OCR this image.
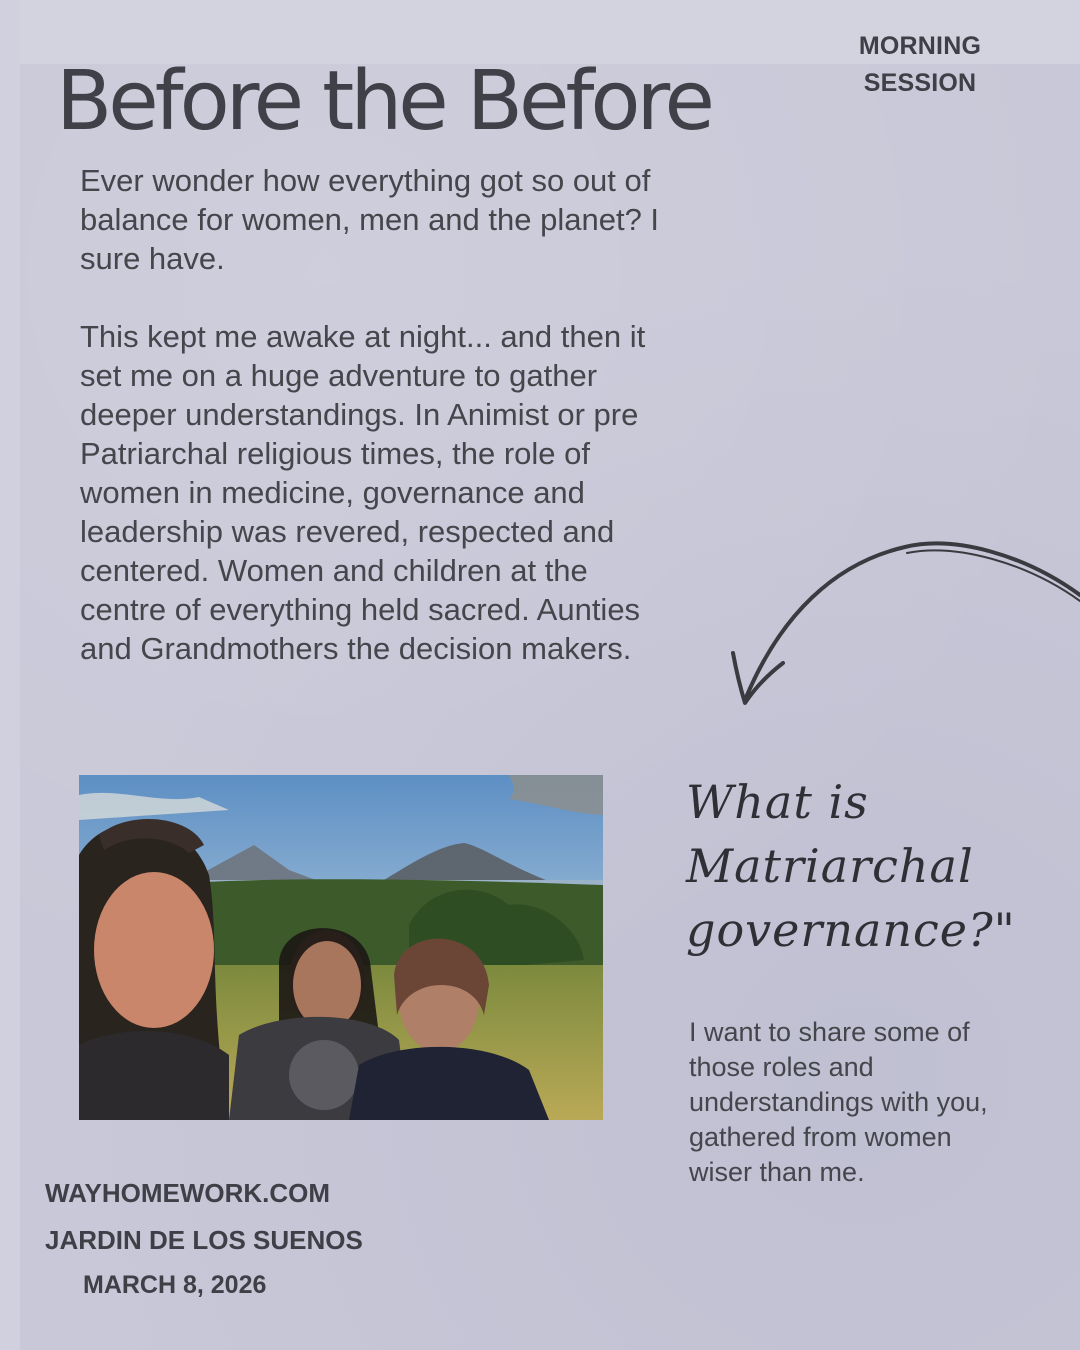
MORNING
SESSION
Before the Before

Ever wonder how everything got so out of balance for women, men and the planet? I sure have.

This kept me awake at night... and then it set me on a huge adventure to gather deeper understandings. In Animist or pre Patriarchal religious times, the role of women in medicine, governance and leadership was revered, respected and centered. Women and children at the centre of everything held sacred. Aunties and Grandmothers the decision makers.

What is
Matriarchal
governance?"

I want to share some of those roles and understandings with you, gathered from women wiser than me.

WAYHOMEWORK.COM
JARDIN DE LOS SUENOS
MARCH 8, 2026
